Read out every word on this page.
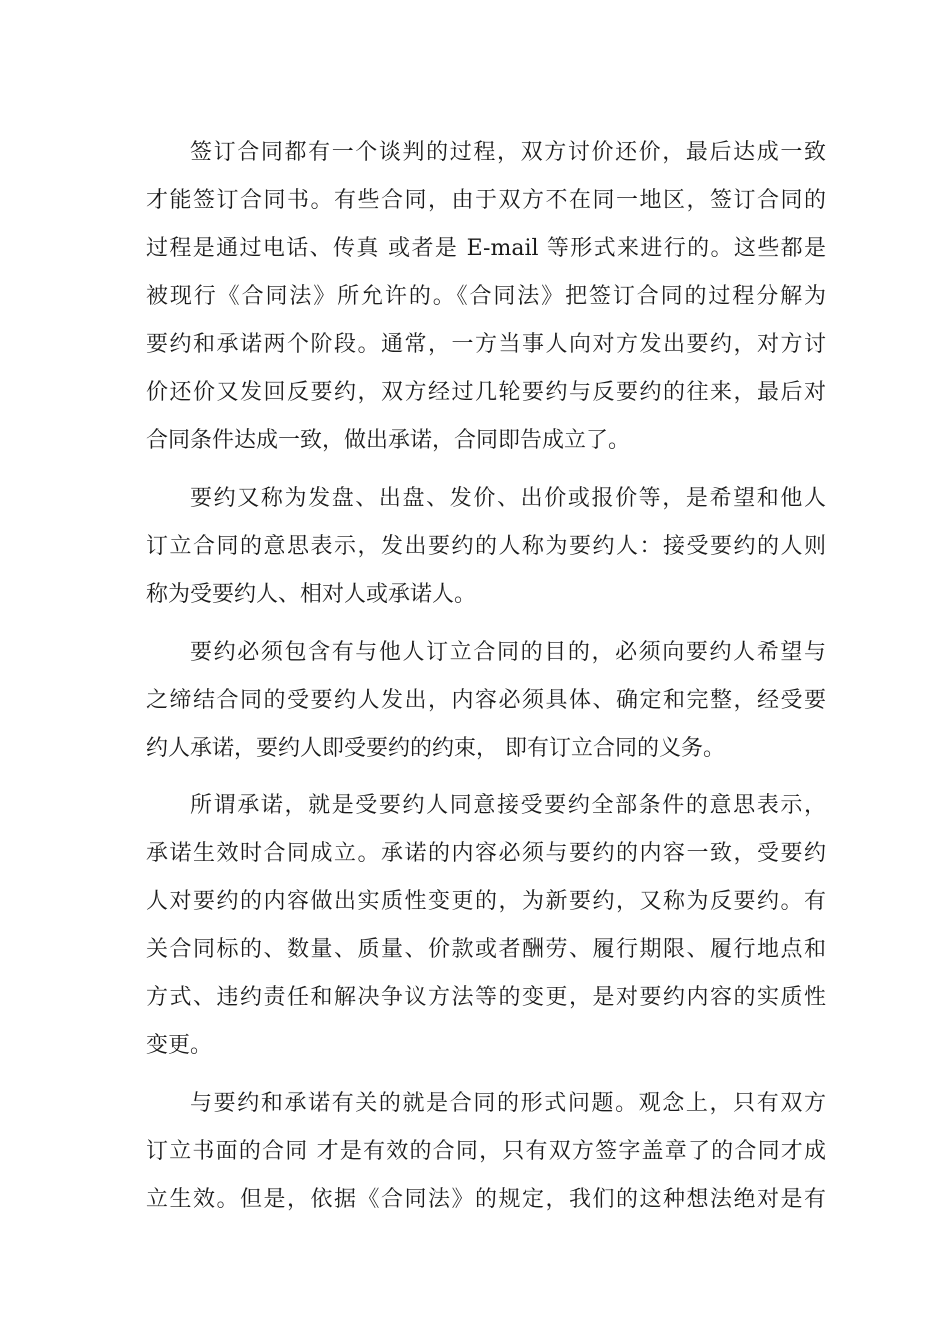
签订合同都有一个谈判的过程，双方讨价还价，最后达成一致

才能签订合同书。有些合同，由于双方不在同一地区，签订合同的

过程是通过电话、传真 或者是 E-mail 等形式来进行的。这些都是

被现行《合同法》所允许的。《合同法》把签订合同的过程分解为

要约和承诺两个阶段。通常，一方当事人向对方发出要约，对方讨

价还价又发回反要约，双方经过几轮要约与反要约的往来，最后对

合同条件达成一致，做出承诺，合同即告成立了。

要约又称为发盘、出盘、发价、出价或报价等，是希望和他人

订立合同的意思表示，发出要约的人称为要约人：接受要约的人则

称为受要约人、相对人或承诺人。

要约必须包含有与他人订立合同的目的，必须向要约人希望与

之缔结合同的受要约人发出，内容必须具体、确定和完整，经受要

约人承诺，要约人即受要约的约束， 即有订立合同的义务。

所谓承诺，就是受要约人同意接受要约全部条件的意思表示，

承诺生效时合同成立。承诺的内容必须与要约的内容一致，受要约

人对要约的内容做出实质性变更的，为新要约，又称为反要约。有

关合同标的、数量、质量、价款或者酬劳、履行期限、履行地点和

方式、违约责任和解决争议方法等的变更，是对要约内容的实质性

变更。

与要约和承诺有关的就是合同的形式问题。观念上，只有双方

订立书面的合同 才是有效的合同，只有双方签字盖章了的合同才成

立生效。但是，依据《合同法》的规定，我们的这种想法绝对是有
